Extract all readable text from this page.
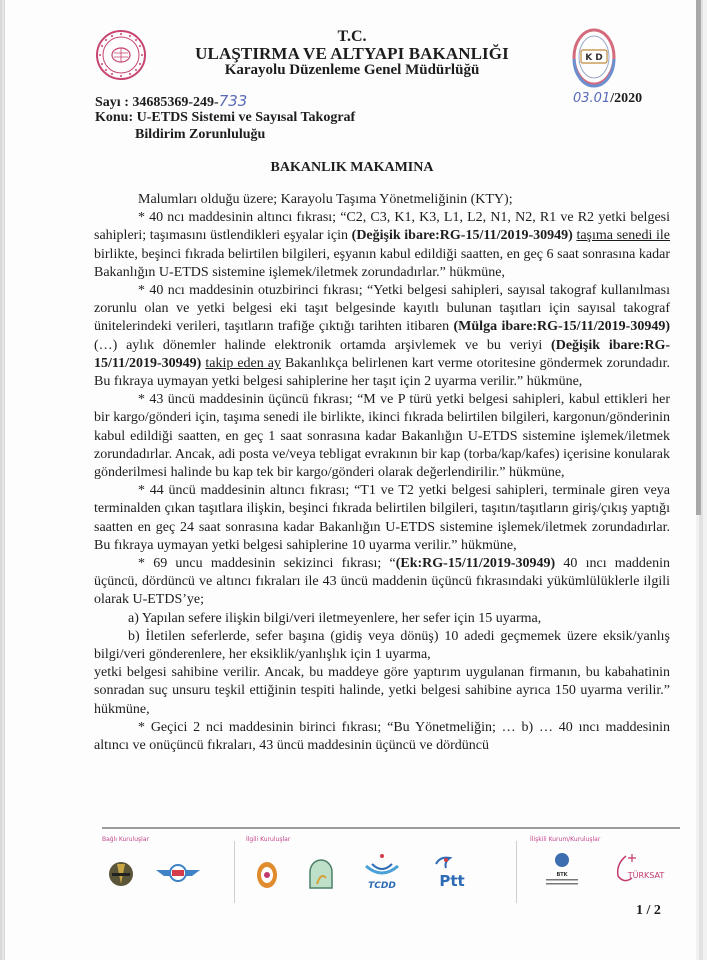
T.C.
ULAŞTIRMA VE ALTYAPI BAKANLIĞI
Karayolu Düzenleme Genel Müdürlüğü
K D
Sayı : 34685369-249-733	03.01/2020
Konu: U-ETDS Sistemi ve Sayısal Takograf
Bildirim Zorunluluğu
BAKANLIK MAKAMINA

Malumları olduğu üzere; Karayolu Taşıma Yönetmeliğinin (KTY);

* 40 ncı maddesinin altıncı fıkrası; “C2, C3, K1, K3, L1, L2, N1, N2, R1 ve R2 yetki belgesi sahipleri; taşımasını üstlendikleri eşyalar için (Değişik ibare:RG-15/11/2019-30949) taşıma senedi ile birlikte, beşinci fıkrada belirtilen bilgileri, eşyanın kabul edildiği saatten, en geç 6 saat sonrasına kadar Bakanlığın U-ETDS sistemine işlemek/iletmek zorundadırlar.” hükmüne,

* 40 ncı maddesinin otuzbirinci fıkrası; “Yetki belgesi sahipleri, sayısal takograf kullanılması zorunlu olan ve yetki belgesi eki taşıt belgesinde kayıtlı bulunan taşıtları için sayısal takograf ünitelerindeki verileri, taşıtların trafiğe çıktığı tarihten itibaren (Mülga ibare:RG-15/11/2019-30949) (…) aylık dönemler halinde elektronik ortamda arşivlemek ve bu veriyi (Değişik ibare:RG-15/11/2019-30949) takip eden ay Bakanlıkça belirlenen kart verme otoritesine göndermek zorundadır. Bu fıkraya uymayan yetki belgesi sahiplerine her taşıt için 2 uyarma verilir.” hükmüne,

* 43 üncü maddesinin üçüncü fıkrası; “M ve P türü yetki belgesi sahipleri, kabul ettikleri her bir kargo/gönderi için, taşıma senedi ile birlikte, ikinci fıkrada belirtilen bilgileri, kargonun/gönderinin kabul edildiği saatten, en geç 1 saat sonrasına kadar Bakanlığın U-ETDS sistemine işlemek/iletmek zorundadırlar. Ancak, adi posta ve/veya tebligat evrakının bir kap (torba/kap/kafes) içerisine konularak gönderilmesi halinde bu kap tek bir kargo/gönderi olarak değerlendirilir.” hükmüne,

* 44 üncü maddesinin altıncı fıkrası; “T1 ve T2 yetki belgesi sahipleri, terminale giren veya terminalden çıkan taşıtlara ilişkin, beşinci fıkrada belirtilen bilgileri, taşıtın/taşıtların giriş/çıkış yaptığı saatten en geç 24 saat sonrasına kadar Bakanlığın U-ETDS sistemine işlemek/iletmek zorundadırlar. Bu fıkraya uymayan yetki belgesi sahiplerine 10 uyarma verilir.” hükmüne,

* 69 uncu maddesinin sekizinci fıkrası; “(Ek:RG-15/11/2019-30949) 40 ıncı maddenin üçüncü, dördüncü ve altıncı fıkraları ile 43 üncü maddenin üçüncü fıkrasındaki yükümlülüklerle ilgili olarak U-ETDS’ye;

a) Yapılan sefere ilişkin bilgi/veri iletmeyenlere, her sefer için 15 uyarma,

b) İletilen seferlerde, sefer başına (gidiş veya dönüş) 10 adedi geçmemek üzere eksik/yanlış bilgi/veri gönderenlere, her eksiklik/yanlışlık için 1 uyarma,

yetki belgesi sahibine verilir. Ancak, bu maddeye göre yaptırım uygulanan firmanın, bu kabahatinin sonradan suç unsuru teşkil ettiğinin tespiti halinde, yetki belgesi sahibine ayrıca 150 uyarma verilir.” hükmüne,

* Geçici 2 nci maddesinin birinci fıkrası; “Bu Yönetmeliğin; … b) … 40 ıncı maddesinin altıncı ve onüçüncü fıkraları, 43 üncü maddesinin üçüncü ve dördüncü

Bağlı Kuruluşlar	İlgili Kuruluşlar
TCDD	Ptt
İlişkili Kurum/Kuruluşlar
BTK	TÜRKSAT
1 / 2
